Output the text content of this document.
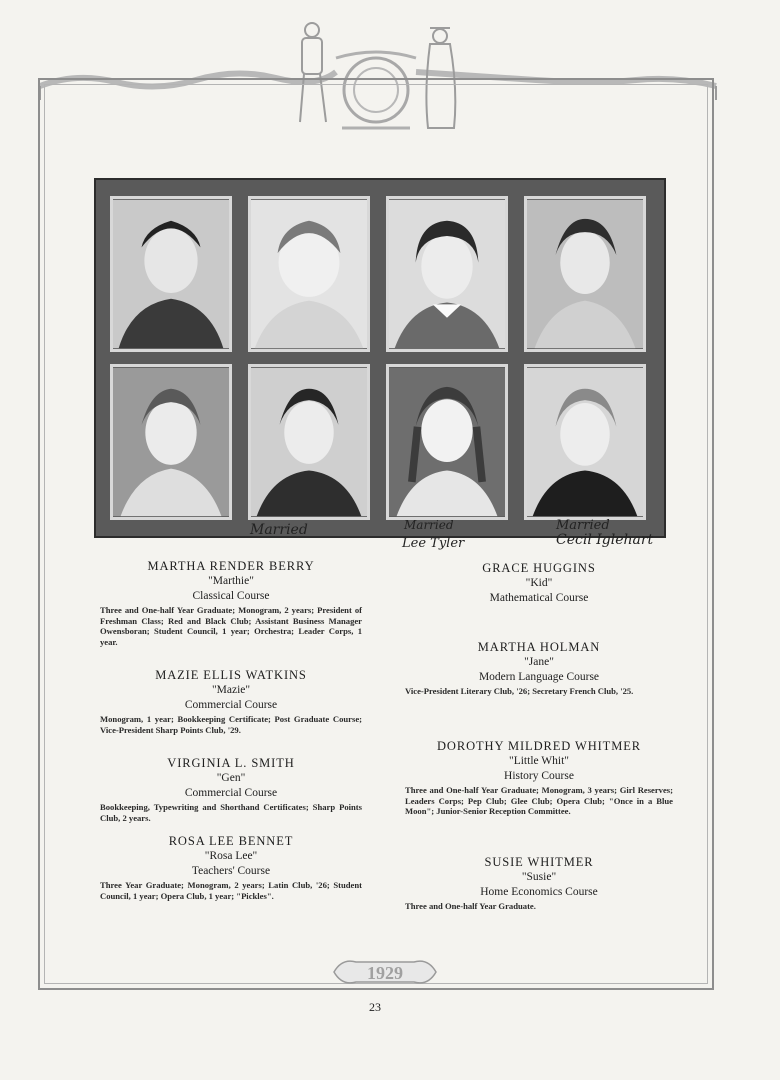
Married	Married
Lee Tyler
Married
Cecil Iglehart
MARTHA RENDER BERRY
"Marthie"
Classical Course
Three and One-half Year Graduate; Monogram, 2 years; President of Freshman Class; Red and Black Club; Assistant Business Manager Owensboran; Student Council, 1 year; Orchestra; Leader Corps, 1 year.
MAZIE ELLIS WATKINS
"Mazie"
Commercial Course
Monogram, 1 year; Bookkeeping Certificate; Post Graduate Course; Vice-President Sharp Points Club, '29.
VIRGINIA L. SMITH
"Gen"
Commercial Course
Bookkeeping, Typewriting and Shorthand Certificates; Sharp Points Club, 2 years.
ROSA LEE BENNET
"Rosa Lee"
Teachers' Course
Three Year Graduate; Monogram, 2 years; Latin Club, '26; Student Council, 1 year; Opera Club, 1 year; "Pickles".
GRACE HUGGINS
"Kid"
Mathematical Course
MARTHA HOLMAN
"Jane"
Modern Language Course
Vice-President Literary Club, '26; Secretary French Club, '25.
DOROTHY MILDRED WHITMER
"Little Whit"
History Course
Three and One-half Year Graduate; Monogram, 3 years; Girl Reserves; Leaders Corps; Pep Club; Glee Club; Opera Club; "Once in a Blue Moon"; Junior-Senior Reception Committee.
SUSIE WHITMER
"Susie"
Home Economics Course
Three and One-half Year Graduate.
1929
23
